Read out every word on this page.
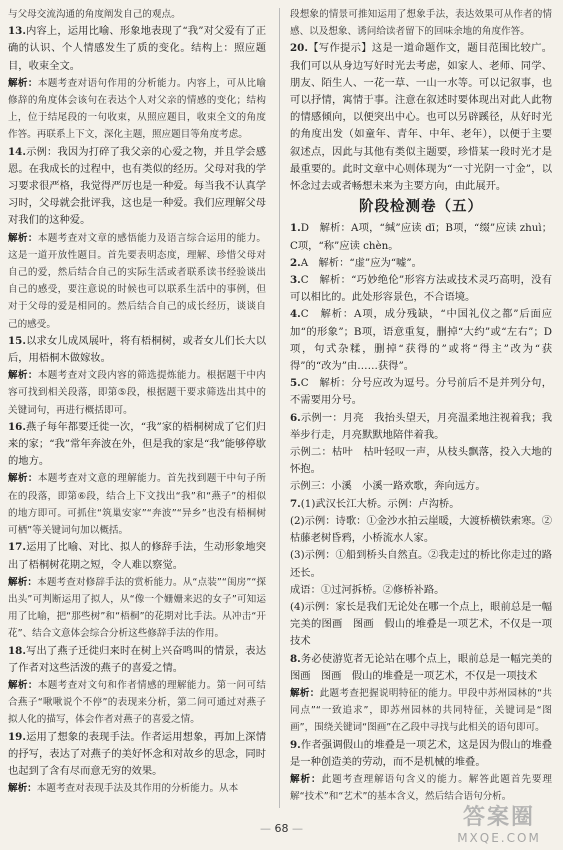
与父母交流沟通的角度阐发自己的观点。

13.内容上，运用比喻、形象地表现了“我”对父爱有了正确的认识、个人情感发生了质的变化。结构上：照应题目，收束全文。

解析：本题考查对语句作用的分析能力。内容上，可从比喻修辞的角度体会该句在表达个人对父亲的情感的变化；结构上，位于结尾段的一句收束，从照应题目，收束全文的角度作答。再联系上下文，深化主题，照应题目等角度考虑。

14.示例：我因为打碎了我父亲的心爱之物，并且学会感恩。在我成长的过程中，也有类似的经历。父母对我的学习要求很严格，我觉得严厉也是一种爱。每当我不认真学习时，父母就会批评我，这也是一种爱。我们应理解父母对我们的这种爱。

解析：本题考查对文章的感悟能力及语言综合运用的能力。这是一道开放性题目。首先要表明态度，理解、珍惜父母对自己的爱，然后结合自己的实际生活或者联系读书经验谈出自己的感受，要注意说的时候也可以联系生活中的事例，但对于父母的爱是相同的。然后结合自己的成长经历，谈谈自己的感受。

15.以求女儿成凤展叶，将有梧桐树，或者女儿们长大以后，用梧桐木做嫁妆。

解析：本题考查对文段内容的筛选提炼能力。根据题干中内容可找到相关段落，即第⑤段，根据题干要求筛选出其中的关键词句，再进行概括即可。

16.燕子每年都要迁徙一次，“我”家的梧桐树成了它们归来的家；“我”常年奔波在外，但是我的家是“我”能够停歇的地方。

解析：本题考查对文意的理解能力。首先找到题干中句子所在的段落，即第⑥段，结合上下文找出“我”和“燕子”的相似的地方即可。可抓住“筑巢安家”“奔波”“异乡”也没有梧桐树可栖”等关键词句加以概括。

17.运用了比喻、对比、拟人的修辞手法，生动形象地突出了梧桐树花期之短，令人难以察觉。

解析：本题考查对修辞手法的赏析能力。从“点装”“闺房”“探出头”可判断运用了拟人，从“像一个姗姗来迟的女子”可知运用了比喻，把“那些树”和“梧桐”的花期对比手法。从冲击“开花”、结合文意体会综合分析这些修辞手法的作用。

18.写出了燕子迁徙归来时在树上兴奋鸣叫的情景，表达了作者对这些活泼的燕子的喜爱之情。

解析：本题考查对文句和作者情感的理解能力。第一问可结合燕子“啾啾说个不停”的表现来分析，第二问可通过对燕子拟人化的描写，体会作者对燕子的喜爱之情。

19.运用了想象的表现手法。作者运用想象，再加上深情的抒写，表达了对燕子的美好怀念和对故乡的思念，同时也起到了含有尽而意无穷的效果。

解析：本题考查对表现手法及其作用的分析能力。从本

段想象的情景可推知运用了想象手法，表达效果可从作者的情感、以及想象、诱问给读者留下的回味余地的角度作答。

20.【写作提示】这是一道命题作文，题目范围比较广。我们可以从身边写好时光去考虑，如家人、老师、同学、朋友、陌生人、一花一草、一山一水等。可以记叙事，也可以抒情，寓情于事。注意在叙述时要体现出对此人此物的情感倾向，以便突出中心。也可以另辟蹊径，从好时光的角度出发（如童年、青年、中年、老年），以便于主要叙述点，因此与其他有类似主题要，珍惜某一段时光才是最重要的。此时文章中心则体现为“一寸光阴一寸金”，以怀念过去或者畅想未来为主要方向，由此展开。

阶段检测卷（五）

1.D　解析：A项，“缄”应读 dī；B项，“缀”应读 zhuì；C项，“称”应读 chèn。

2.A　解析：“虚”应为“嘘”。

3.C　解析：“巧妙绝伦”形容方法或技术灵巧高明，没有可以相比的。此处形容景色，不合语境。

4.C　解析：A项，成分残缺，“中国礼仪之都”后面应加“的形象”；B项，语意重复，删掉“大约”或“左右”；D项，句式杂糅，删掉“获得的”或将“得主”改为“获得”的“改为”由……获得”。

5.C　解析：分号应改为逗号。分号前后不是并列分句，不需要用分号。

6.示例一：月亮　我抬头望天，月亮温柔地注视着我；我举步行走，月亮默默地陪伴着我。

示例二：枯叶　枯叶轻叹一声，从枝头飘落，投入大地的怀抱。

示例三：小溪　小溪一路欢歌，奔向远方。

7.(1)武汉长江大桥。示例：卢沟桥。

(2)示例：诗歌：①金沙水拍云崖暖，大渡桥横铁索寒。②枯藤老树昏鸦，小桥流水人家。

(3)示例：①船到桥头自然直。②我走过的桥比你走过的路还长。

成语：①过河拆桥。②修桥补路。

(4)示例：家长是我们无论处在哪一个点上，眼前总是一幅完美的图画　图画　假山的堆叠是一项艺术，不仅是一项技术

8.务必使游览者无论站在哪个点上，眼前总是一幅完美的图画　图画　假山的堆叠是一项艺术，不仅是一项技术

解析：此题考查把握说明特征的能力。甲段中苏州园林的“共同点”“一致追求”，即苏州园林的共同特征，关键词是“图画”，围绕关键词“图画”在乙段中寻找与此相关的语句即可。

9.作者强调假山的堆叠是一项艺术，这是因为假山的堆叠是一种创造美的劳动，而不是机械的堆叠。

解析：此题考查理解语句含义的能力。解答此题首先要理解“技术”和“艺术”的基本含义，然后结合语句分析。

— 68 —	答案圈
MXQE.COM
